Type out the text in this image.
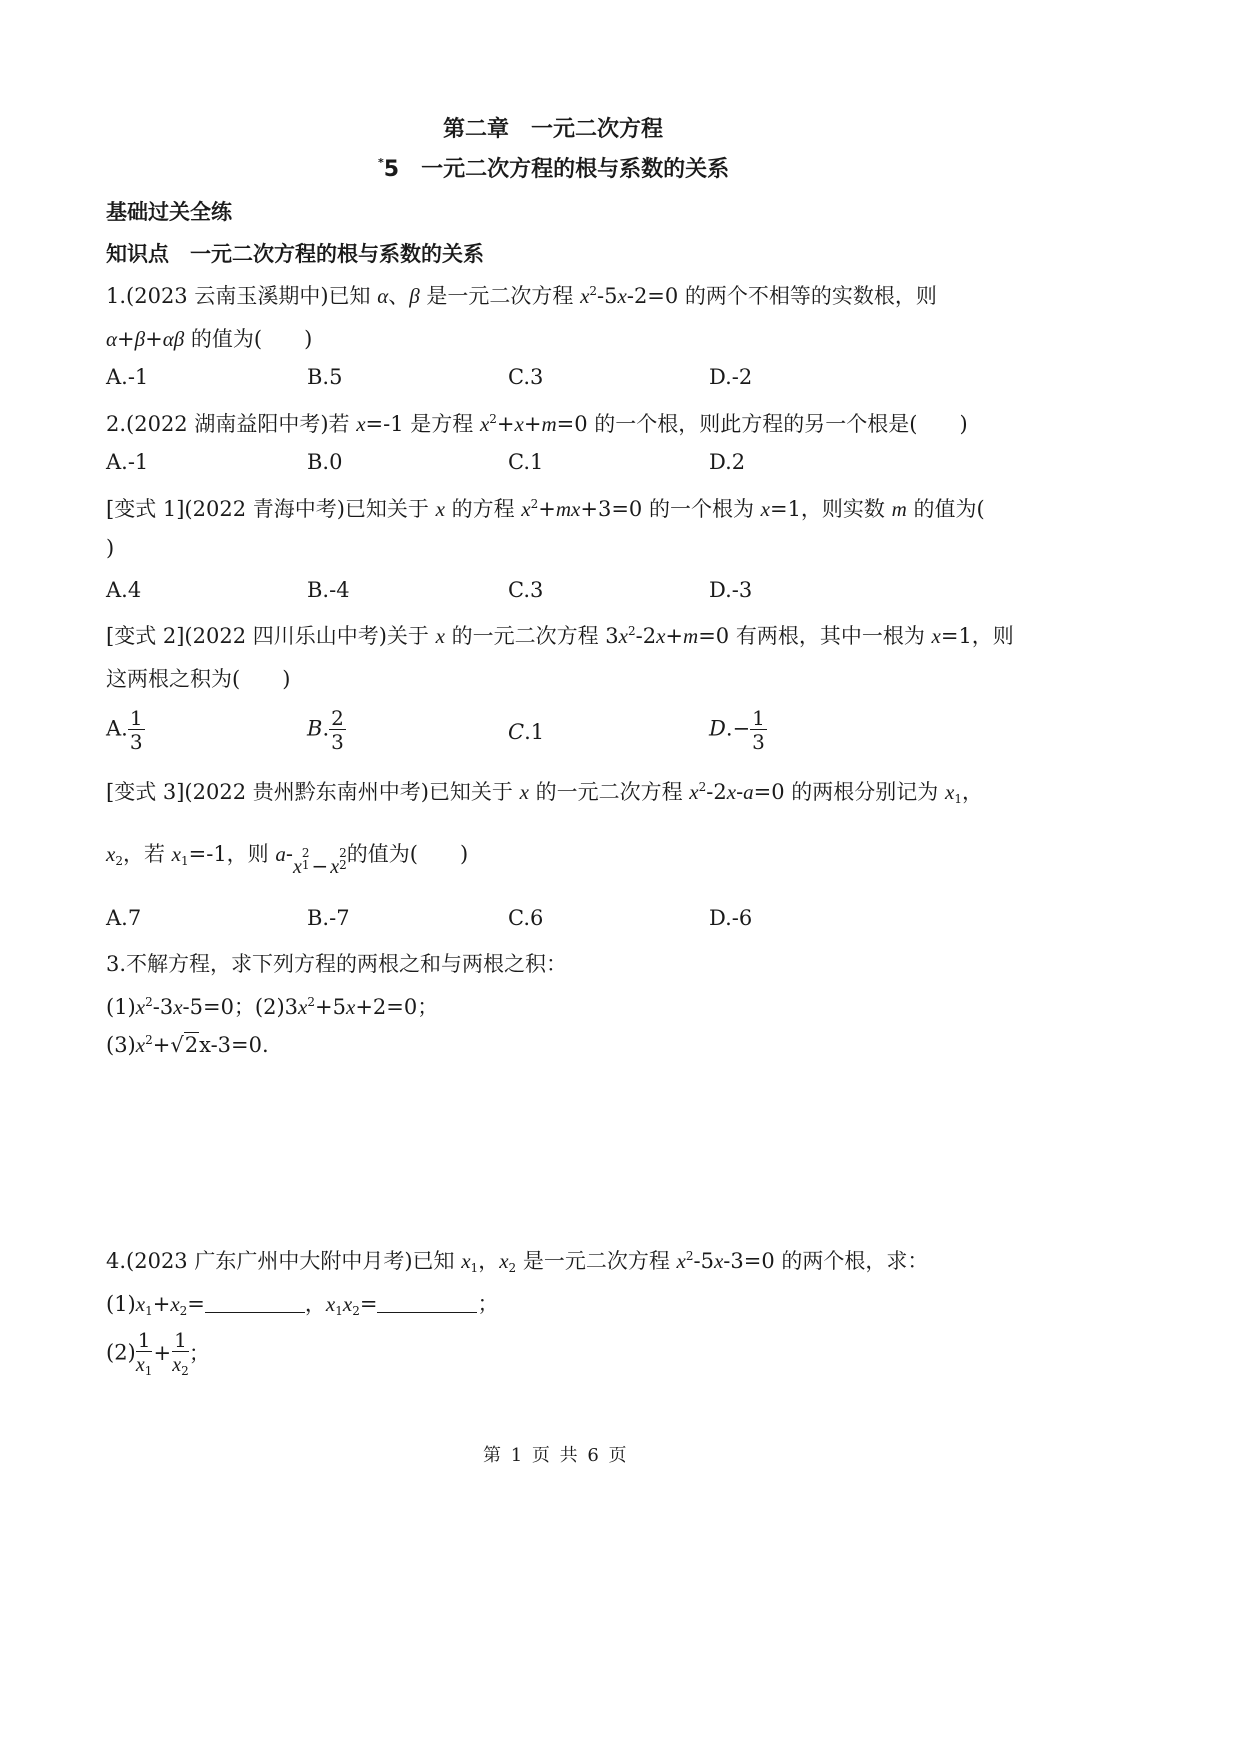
第二章　一元二次方程
*5　一元二次方程的根与系数的关系
基础过关全练
知识点　一元二次方程的根与系数的关系
1.(2023 云南玉溪期中)已知 α、β 是一元二次方程 $x^2-5x-2=0$ 的两个不相等的实数根，则
α+β+αβ 的值为(　　)
A.-1	B.5	C.3	D.-2
2.(2022 湖南益阳中考)若 x=-1 是方程 $x^2+x+m=0$ 的一个根，则此方程的另一个根是(　　)
A.-1	B.0	C.1	D.2
[变式 1](2022 青海中考)已知关于 x 的方程 $x^2+mx+3=0$ 的一个根为 x=1，则实数 m 的值为(
)
A.4	B.-4	C.3	D.-3
[变式 2](2022 四川乐山中考)关于 x 的一元二次方程 $3x^2-2x+m=0$ 有两根，其中一根为 x=1，则
这两根之积为(　　)
A. $\frac{1}{3}$	B. $\frac{2}{3}$	C.1	$D.- \frac{1}{3}$
[变式 3](2022 贵州黔东南州中考)已知关于 x 的一元二次方程 $x^2-2x-a=0$ 的两根分别记为 $x_1$，
$x_2$，若 $x_1=-1$，则 a-x
2
1 − x
2
2 的值为(　　)
A.7	B.-7	C.6	D.-6
3.不解方程，求下列方程的两根之和与两根之积：
$(1)x^2-3x-5=0$；$(2)3x^2+5x+2=0$；
$(3)x^2+√2x-3=0$.
4.(2023 广东广州中大附中月考)已知 $x_1$，$x_2$ 是一元二次方程 $x^2-5x-3=0$ 的两个根，求：
$(1)x_1+x_2=$	，$x_1x_2=$	；
$(2) \frac{1}{x_1} + \frac{1}{x_2}$ ；
第 1 页 共 6 页
